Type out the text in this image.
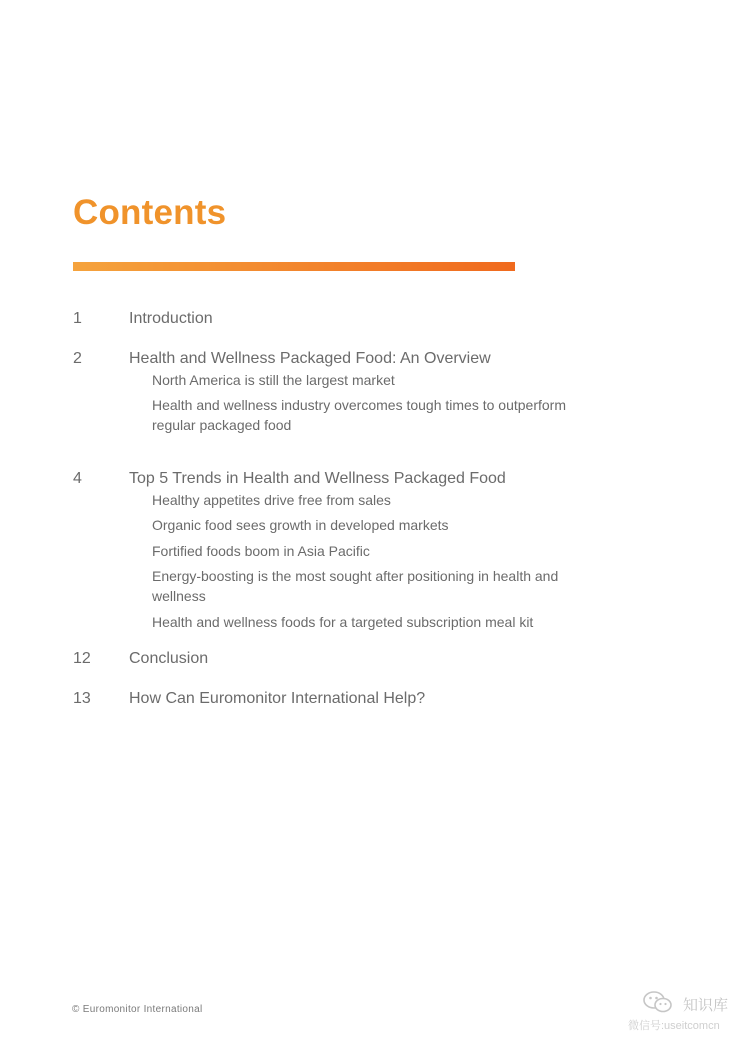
Contents
1	Introduction
2	Health and Wellness Packaged Food: An Overview
North America is still the largest market
Health and wellness industry overcomes tough times to outperform regular packaged food
4	Top 5 Trends in Health and Wellness Packaged Food
Healthy appetites drive free from sales
Organic food sees growth in developed markets
Fortified foods boom in Asia Pacific
Energy-boosting is the most sought after positioning in health and wellness
Health and wellness foods for a targeted subscription meal kit
12 Conclusion
13 How Can Euromonitor International Help?
© Euromonitor International	知识库
微信号:useitcomcn
